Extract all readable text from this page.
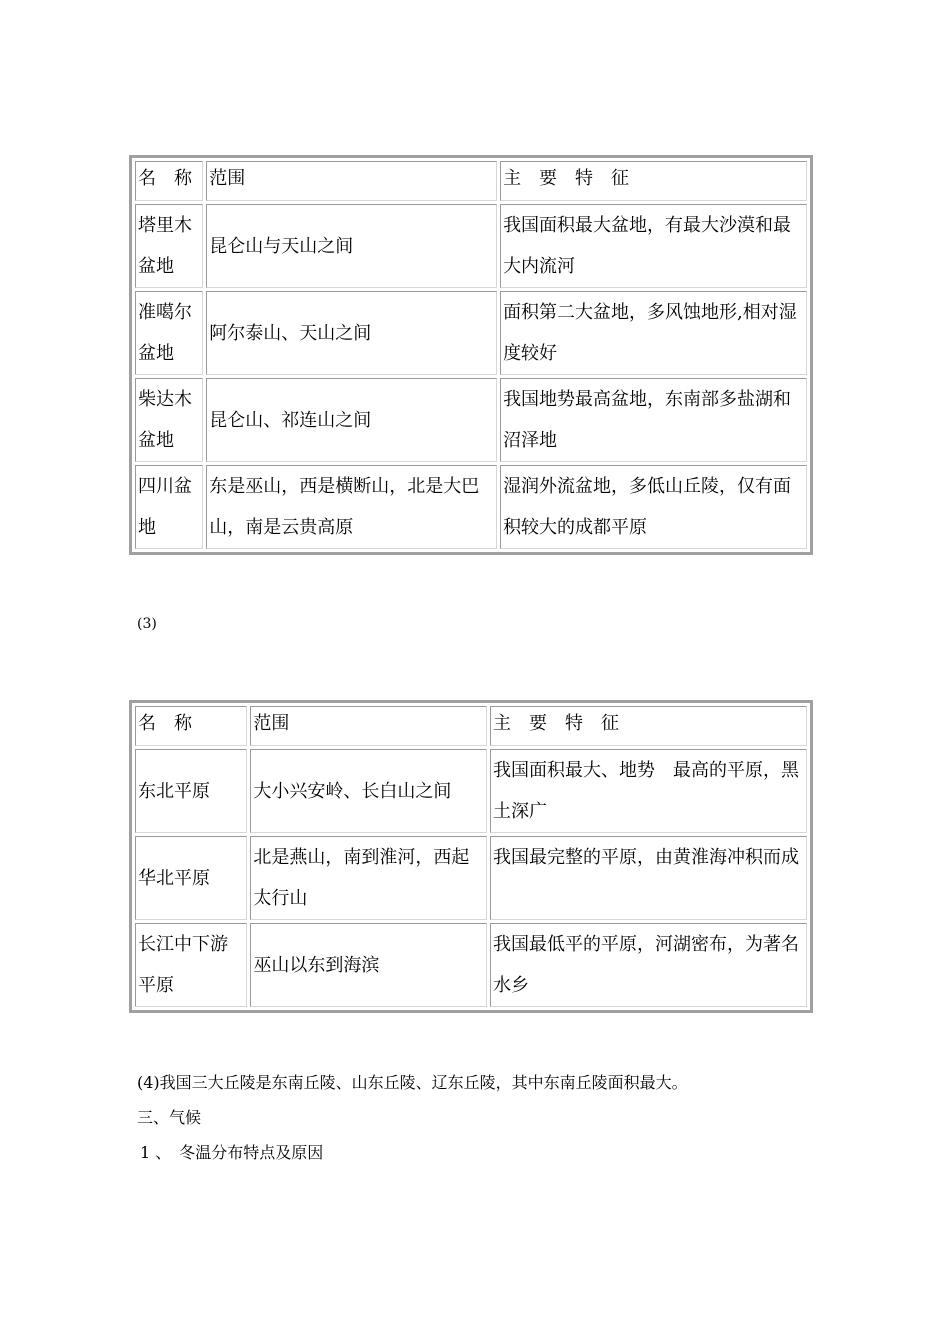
名　称	范围	主　要　特　征
塔里木盆地	昆仑山与天山之间	我国面积最大盆地，有最大沙漠和最大内流河
准噶尔盆地	阿尔泰山、天山之间	面积第二大盆地，多风蚀地形,相对湿度较好
柴达木盆地	昆仑山、祁连山之间	我国地势最高盆地，东南部多盐湖和沼泽地
四川盆地	东是巫山，西是横断山，北是大巴山，南是云贵高原	湿润外流盆地，多低山丘陵，仅有面积较大的成都平原
(3)
名　称	范围	主　要　特　征
东北平原	大小兴安岭、长白山之间	我国面积最大、地势　最高的平原，黑土深广
华北平原	北是燕山，南到淮河，西起太行山	我国最完整的平原，由黄淮海冲积而成
长江中下游平原	巫山以东到海滨	我国最低平的平原，河湖密布，为著名水乡
(4)我国三大丘陵是东南丘陵、山东丘陵、辽东丘陵，其中东南丘陵面积最大。
三、气候
1 、　冬温分布特点及原因
